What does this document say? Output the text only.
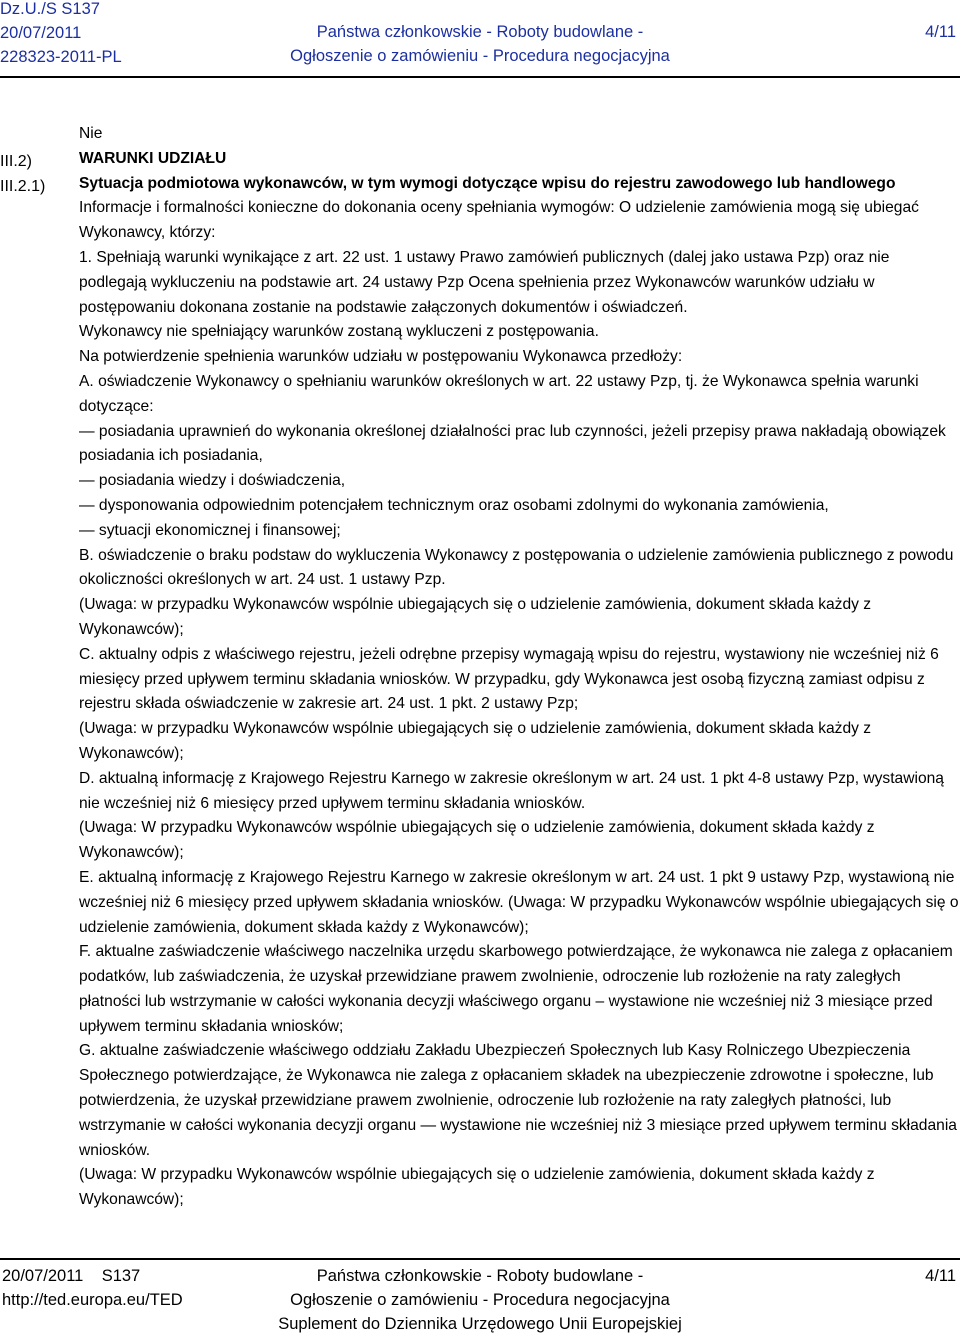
Dz.U./S S137
20/07/2011
228323-2011-PL
Państwa członkowskie - Roboty budowlane -
Ogłoszenie o zamówieniu - Procedura negocjacyjna
4/11
III.2)
III.2.1)

Nie

WARUNKI UDZIAŁU

Sytuacja podmiotowa wykonawców, w tym wymogi dotyczące wpisu do rejestru zawodowego lub handlowego

Informacje i formalności konieczne do dokonania oceny spełniania wymogów: O udzielenie zamówienia mogą się ubiegać Wykonawcy, którzy:

1. Spełniają warunki wynikające z art. 22 ust. 1 ustawy Prawo zamówień publicznych (dalej jako ustawa Pzp) oraz nie podlegają wykluczeniu na podstawie art. 24 ustawy Pzp Ocena spełnienia przez Wykonawców warunków udziału w postępowaniu dokonana zostanie na podstawie załączonych dokumentów i oświadczeń.

Wykonawcy nie spełniający warunków zostaną wykluczeni z postępowania.

Na potwierdzenie spełnienia warunków udziału w postępowaniu Wykonawca przedłoży:

A. oświadczenie Wykonawcy o spełnianiu warunków określonych w art. 22 ustawy Pzp, tj. że Wykonawca spełnia warunki dotyczące:

— posiadania uprawnień do wykonania określonej działalności prac lub czynności, jeżeli przepisy prawa nakładają obowiązek posiadania ich posiadania,

— posiadania wiedzy i doświadczenia,

— dysponowania odpowiednim potencjałem technicznym oraz osobami zdolnymi do wykonania zamówienia,

— sytuacji ekonomicznej i finansowej;

B. oświadczenie o braku podstaw do wykluczenia Wykonawcy z postępowania o udzielenie zamówienia publicznego z powodu okoliczności określonych w art. 24 ust. 1 ustawy Pzp.

(Uwaga: w przypadku Wykonawców wspólnie ubiegających się o udzielenie zamówienia, dokument składa każdy z Wykonawców);

C. aktualny odpis z właściwego rejestru, jeżeli odrębne przepisy wymagają wpisu do rejestru, wystawiony nie wcześniej niż 6 miesięcy przed upływem terminu składania wniosków. W przypadku, gdy Wykonawca jest osobą fizyczną zamiast odpisu z rejestru składa oświadczenie w zakresie art. 24 ust. 1 pkt. 2 ustawy Pzp;

(Uwaga: w przypadku Wykonawców wspólnie ubiegających się o udzielenie zamówienia, dokument składa każdy z Wykonawców);

D. aktualną informację z Krajowego Rejestru Karnego w zakresie określonym w art. 24 ust. 1 pkt 4-8 ustawy Pzp, wystawioną nie wcześniej niż 6 miesięcy przed upływem terminu składania wniosków.

(Uwaga: W przypadku Wykonawców wspólnie ubiegających się o udzielenie zamówienia, dokument składa każdy z Wykonawców);

E. aktualną informację z Krajowego Rejestru Karnego w zakresie określonym w art. 24 ust. 1 pkt 9 ustawy Pzp, wystawioną nie wcześniej niż 6 miesięcy przed upływem składania wniosków. (Uwaga: W przypadku Wykonawców wspólnie ubiegających się o udzielenie zamówienia, dokument składa każdy z Wykonawców);

F. aktualne zaświadczenie właściwego naczelnika urzędu skarbowego potwierdzające, że wykonawca nie zalega z opłacaniem podatków, lub zaświadczenia, że uzyskał przewidziane prawem zwolnienie, odroczenie lub rozłożenie na raty zaległych płatności lub wstrzymanie w całości wykonania decyzji właściwego organu – wystawione nie wcześniej niż 3 miesiące przed upływem terminu składania wniosków;

G. aktualne zaświadczenie właściwego oddziału Zakładu Ubezpieczeń Społecznych lub Kasy Rolniczego Ubezpieczenia Społecznego potwierdzające, że Wykonawca nie zalega z opłacaniem składek na ubezpieczenie zdrowotne i społeczne, lub potwierdzenia, że uzyskał przewidziane prawem zwolnienie, odroczenie lub rozłożenie na raty zaległych płatności, lub wstrzymanie w całości wykonania decyzji organu — wystawione nie wcześniej niż 3 miesiące przed upływem terminu składania wniosków.

(Uwaga: W przypadku Wykonawców wspólnie ubiegających się o udzielenie zamówienia, dokument składa każdy z Wykonawców);

20/07/2011 S137
http://ted.europa.eu/TED
Państwa członkowskie - Roboty budowlane -
Ogłoszenie o zamówieniu - Procedura negocjacyjna
Suplement do Dziennika Urzędowego Unii Europejskiej
4/11
